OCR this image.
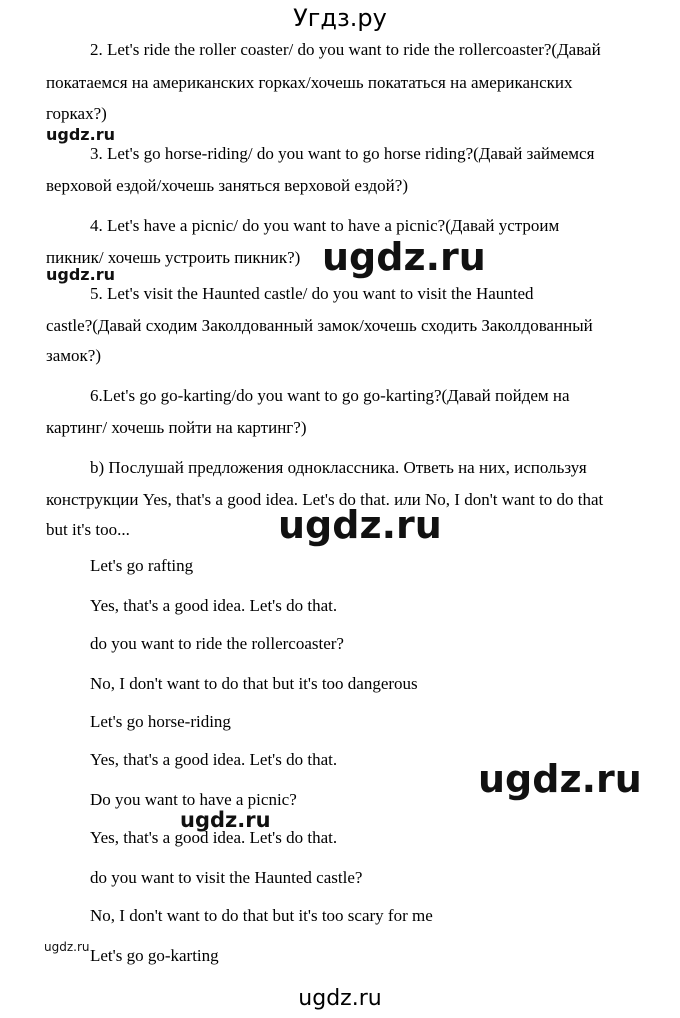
Угдз.ру
2. Let's ride the roller coaster/ do you want to ride the rollercoaster?(Давай
покатаемся на американских горках/хочешь покататься на американских
горках?)
ugdz.ru
3. Let's go horse-riding/ do you want to go horse riding?(Давай займемся
верховой ездой/хочешь заняться верховой ездой?)
4. Let's have a picnic/ do you want to have a picnic?(Давай устроим
пикник/ хочешь устроить пикник?) ugdz.ru
ugdz.ru
5. Let's visit the Haunted castle/ do you want to visit the Haunted
castle?(Давай сходим Заколдованный замок/хочешь сходить Заколдованный
замок?)
6.Let's go go-karting/do you want to go go-karting?(Давай пойдем на
картинг/ хочешь пойти на картинг?)
b) Послушай предложения одноклассника. Ответь на них, используя
конструкции Yes, that's a good idea. Let's do that. или No, I don't want to do that
but it's too...	ugdz.ru
Let's go rafting
Yes, that's a good idea. Let's do that.
do you want to ride the rollercoaster?
No, I don't want to do that but it's too dangerous
Let's go horse-riding
Yes, that's a good idea. Let's do that.	ugdz.ru
Do you want to have a picnic?
ugdz.ru
Yes, that's a good idea. Let's do that.
do you want to visit the Haunted castle?
No, I don't want to do that but it's too scary for me
ugdz.ru Let's go go-karting
ugdz.ru
